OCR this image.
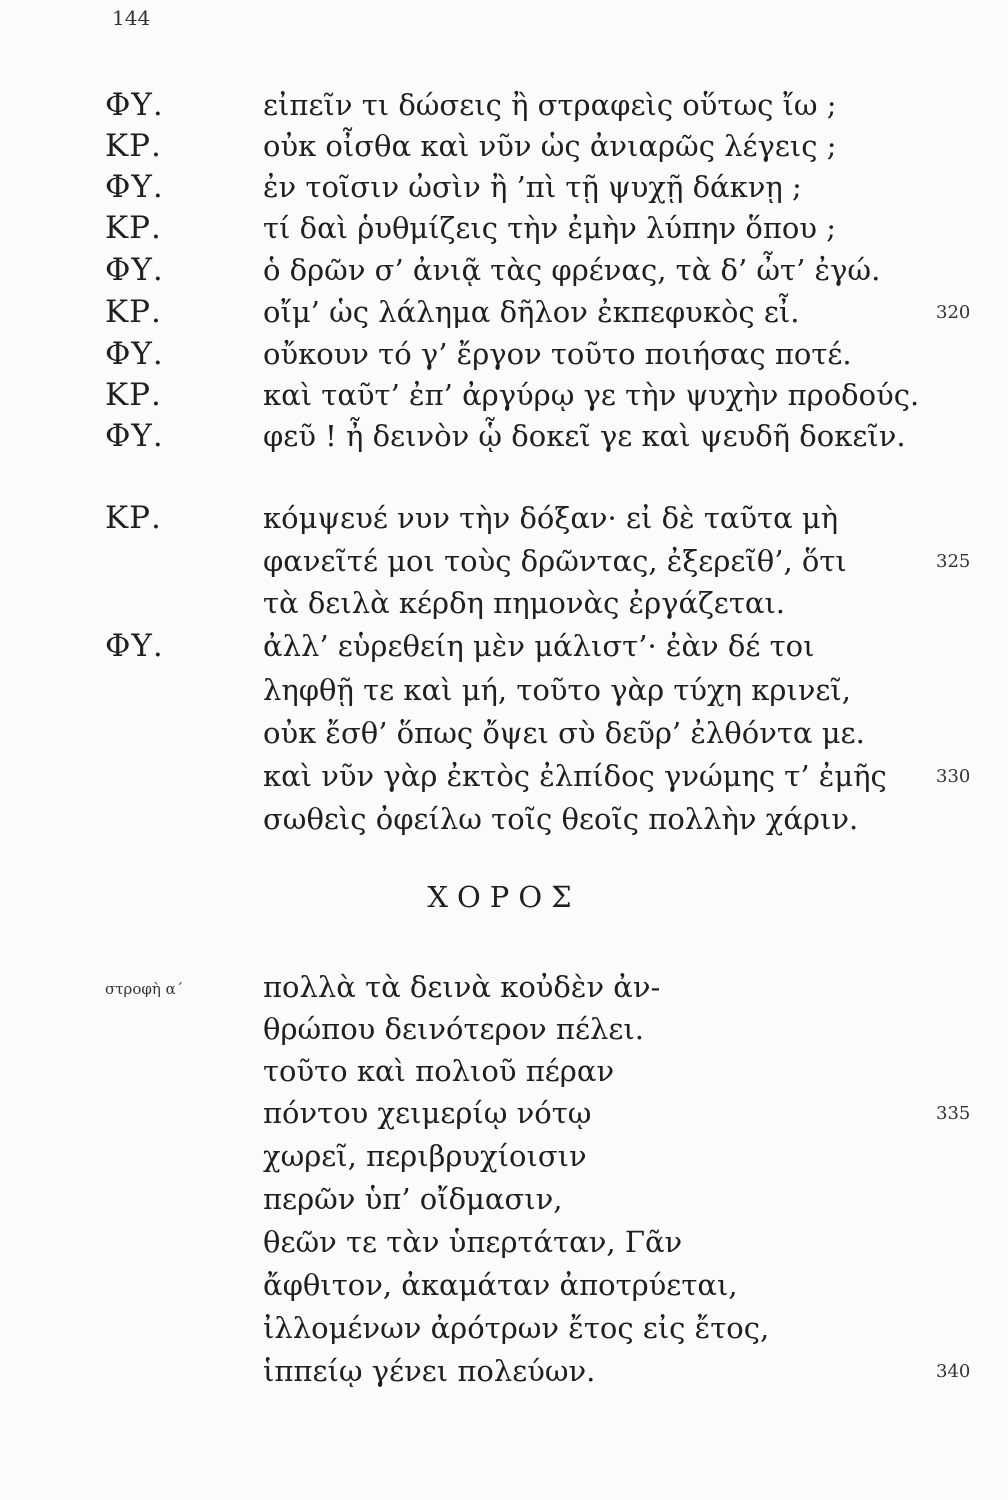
144
ΦΥ.	εἰπεῖν τι δώσεις ἢ στραφεὶς οὕτως ἴω ;
ΚΡ.	οὐκ οἶσθα καὶ νῦν ὡς ἀνιαρῶς λέγεις ;
ΦΥ.	ἐν τοῖσιν ὠσὶν ἢ ’πὶ τῇ ψυχῇ δάκνῃ ;
ΚΡ.	τί δαὶ ῥυθμίζεις τὴν ἐμὴν λύπην ὅπου ;
ΦΥ.	ὁ δρῶν σ’ ἀνιᾷ τὰς φρένας, τὰ δ’ ὦτ’ ἐγώ.
ΚΡ.	οἴμ’ ὡς λάλημα δῆλον ἐκπεφυκὸς εἶ.	320
ΦΥ.	οὔκουν τό γ’ ἔργον τοῦτο ποιήσας ποτέ.
ΚΡ.	καὶ ταῦτ’ ἐπ’ ἀργύρῳ γε τὴν ψυχὴν προδούς.
ΦΥ.	φεῦ ! ἦ δεινὸν ᾧ δοκεῖ γε καὶ ψευδῆ δοκεῖν.
ΚΡ.	κόμψευέ νυν τὴν δόξαν· εἰ δὲ ταῦτα μὴ
φανεῖτέ μοι τοὺς δρῶντας, ἐξερεῖθ’, ὅτι	325
τὰ δειλὰ κέρδη πημονὰς ἐργάζεται.
ΦΥ.	ἀλλ’ εὑρεθείη μὲν μάλιστ’· ἐὰν δέ τοι
ληφθῇ τε καὶ μή, τοῦτο γὰρ τύχη κρινεῖ,
οὐκ ἔσθ’ ὅπως ὄψει σὺ δεῦρ’ ἐλθόντα με.
καὶ νῦν γὰρ ἐκτὸς ἐλπίδος γνώμης τ’ ἐμῆς	330
σωθεὶς ὀφείλω τοῖς θεοῖς πολλὴν χάριν.
ΧΟΡΟΣ
στροφὴ α΄	πολλὰ τὰ δεινὰ κοὐδὲν ἀν-
θρώπου δεινότερον πέλει.
τοῦτο καὶ πολιοῦ πέραν
πόντου χειμερίῳ νότῳ	335
χωρεῖ, περιβρυχίοισιν
περῶν ὑπ’ οἴδμασιν,
θεῶν τε τὰν ὑπερτάταν, Γᾶν
ἄφθιτον, ἀκαμάταν ἀποτρύεται,
ἰλλομένων ἀρότρων ἔτος εἰς ἔτος,
ἱππείῳ γένει πολεύων.	340
